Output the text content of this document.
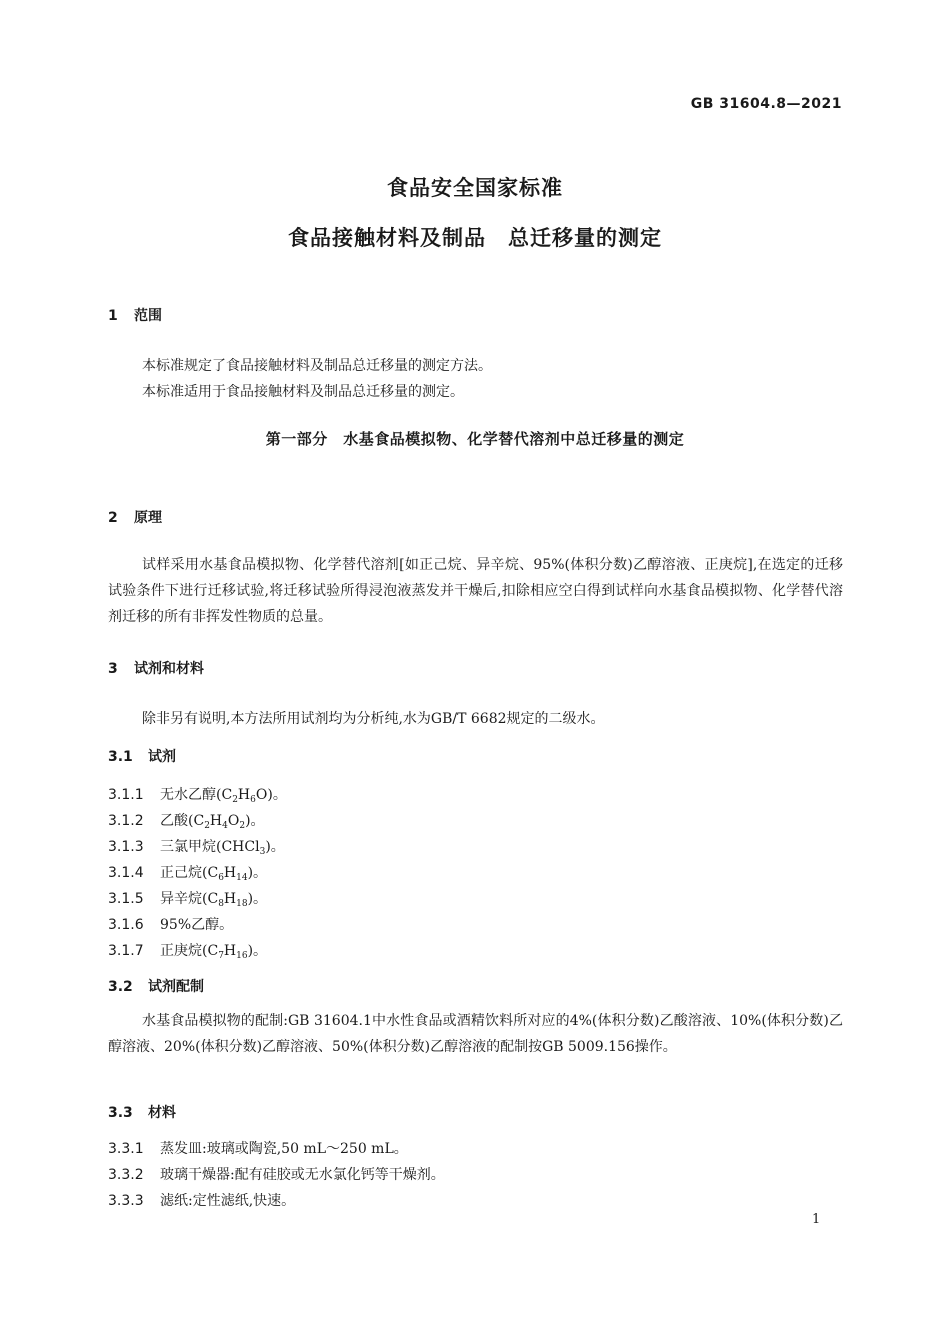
GB 31604.8—2021
食品安全国家标准
食品接触材料及制品　总迁移量的测定
1 范围
本标准规定了食品接触材料及制品总迁移量的测定方法。
本标准适用于食品接触材料及制品总迁移量的测定。
第一部分　水基食品模拟物、化学替代溶剂中总迁移量的测定
2 原理
试样采用水基食品模拟物、化学替代溶剂[如正己烷、异辛烷、95%(体积分数)乙醇溶液、正庚烷],在选定的迁移试验条件下进行迁移试验,将迁移试验所得浸泡液蒸发并干燥后,扣除相应空白得到试样向水基食品模拟物、化学替代溶剂迁移的所有非挥发性物质的总量。
3 试剂和材料
除非另有说明,本方法所用试剂均为分析纯,水为GB/T 6682规定的二级水。
3.1 试剂
3.1.1 无水乙醇$(C_2H_6O)$。
3.1.2 乙酸$(C_2H_4O_2)$。
3.1.3 三氯甲烷(CHCl$_3$)。
3.1.4 正己烷$(C_6H_{14})$。
3.1.5 异辛烷$(C_8H_{18})$。
3.1.6 95%乙醇。
3.1.7 正庚烷$(C_7H_{16})$。
3.2 试剂配制
水基食品模拟物的配制:GB 31604.1中水性食品或酒精饮料所对应的4%(体积分数)乙酸溶液、10%(体积分数)乙醇溶液、20%(体积分数)乙醇溶液、50%(体积分数)乙醇溶液的配制按GB 5009.156操作。
3.3 材料
3.3.1 蒸发皿:玻璃或陶瓷,50 mL～250 mL。
3.3.2 玻璃干燥器:配有硅胶或无水氯化钙等干燥剂。
3.3.3 滤纸:定性滤纸,快速。
1
